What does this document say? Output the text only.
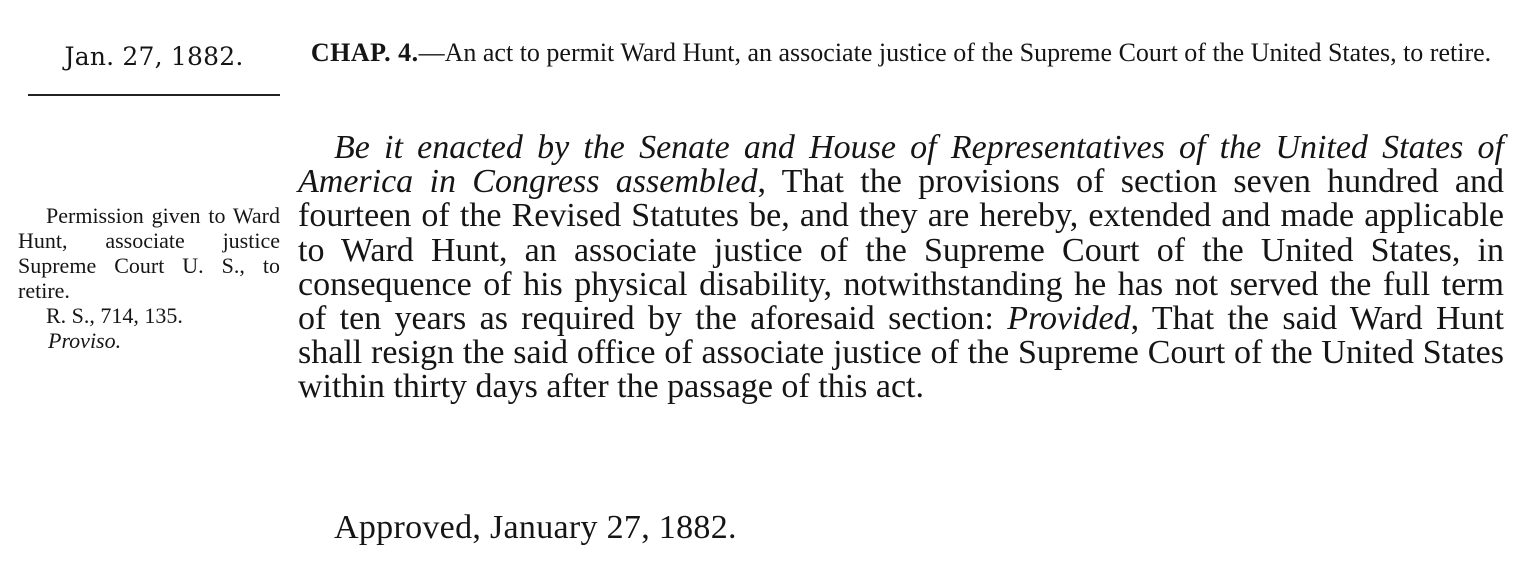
Jan. 27, 1882.
Permission given to Ward Hunt, associate justice Supreme Court U. S., to retire.
R. S., 714, 135.
Proviso.
CHAP. 4.—An act to permit Ward Hunt, an associate justice of the Supreme Court of the United States, to retire.

Be it enacted by the Senate and House of Representatives of the United States of America in Congress assembled, That the provisions of section seven hundred and fourteen of the Revised Statutes be, and they are hereby, extended and made applicable to Ward Hunt, an associate justice of the Supreme Court of the United States, in consequence of his physical disability, notwithstanding he has not served the full term of ten years as required by the aforesaid section: Provided, That the said Ward Hunt shall resign the said office of associate justice of the Supreme Court of the United States within thirty days after the passage of this act.

Approved, January 27, 1882.
